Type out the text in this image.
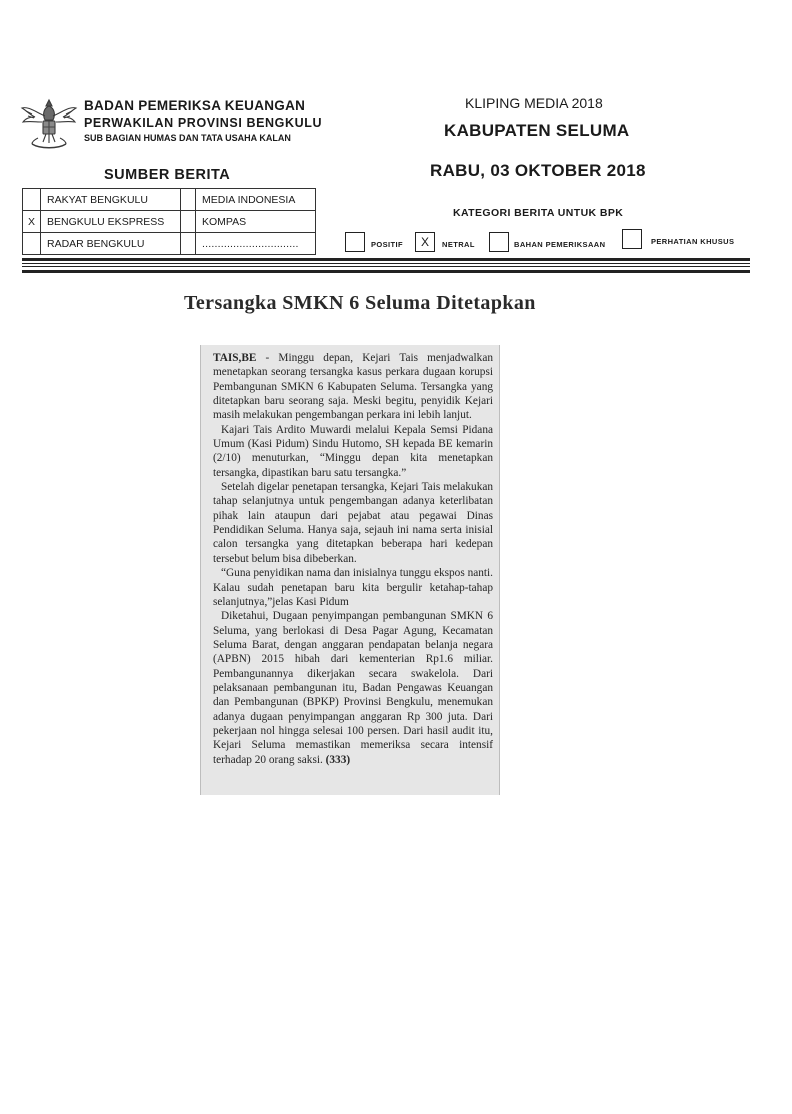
BADAN PEMERIKSA KEUANGAN
PERWAKILAN PROVINSI BENGKULU
SUB BAGIAN HUMAS DAN TATA USAHA KALAN
KLIPING MEDIA 2018
KABUPATEN SELUMA
RABU, 03 OKTOBER 2018
SUMBER BERITA
	RAKYAT BENGKULU		MEDIA INDONESIA
X	BENGKULU EKSPRESS		KOMPAS
	RADAR BENGKULU		...............................
KATEGORI BERITA UNTUK BPK
POSITIF	X	NETRAL	BAHAN PEMERIKSAAN	PERHATIAN KHUSUS
Tersangka SMKN 6 Seluma Ditetapkan

TAIS,BE - Minggu depan, Kejari Tais menjadwalkan menetapkan seorang tersangka kasus perkara dugaan korupsi Pembangunan SMKN 6 Kabupaten Seluma. Tersangka yang ditetapkan baru seorang saja. Meski begitu, penyidik Kejari masih melakukan pengembangan perkara ini lebih lanjut.

Kajari Tais Ardito Muwardi melalui Kepala Semsi Pidana Umum (Kasi Pidum) Sindu Hutomo, SH kepada BE kemarin (2/10) menuturkan, “Minggu depan kita menetapkan tersangka, dipastikan baru satu tersangka.”

Setelah digelar penetapan tersangka, Kejari Tais melakukan tahap selanjutnya untuk pengembangan adanya keterlibatan pihak lain ataupun dari pejabat atau pegawai Dinas Pendidikan Seluma. Hanya saja, sejauh ini nama serta inisial calon tersangka yang ditetapkan beberapa hari kedepan tersebut belum bisa dibeberkan.

“Guna penyidikan nama dan inisialnya tunggu ekspos nanti. Kalau sudah penetapan baru kita bergulir ketahap-tahap selanjutnya,”jelas Kasi Pidum

Diketahui, Dugaan penyimpangan pembangunan SMKN 6 Seluma, yang berlokasi di Desa Pagar Agung, Kecamatan Seluma Barat, dengan anggaran pendapatan belanja negara (APBN) 2015 hibah dari kementerian Rp1.6 miliar. Pembangunannya dikerjakan secara swakelola. Dari pelaksanaan pembangunan itu, Badan Pengawas Keuangan dan Pembangunan (BPKP) Provinsi Bengkulu, menemukan adanya dugaan penyimpangan anggaran Rp 300 juta. Dari pekerjaan nol hingga selesai 100 persen. Dari hasil audit itu, Kejari Seluma memastikan memeriksa secara intensif terhadap 20 orang saksi. (333)
